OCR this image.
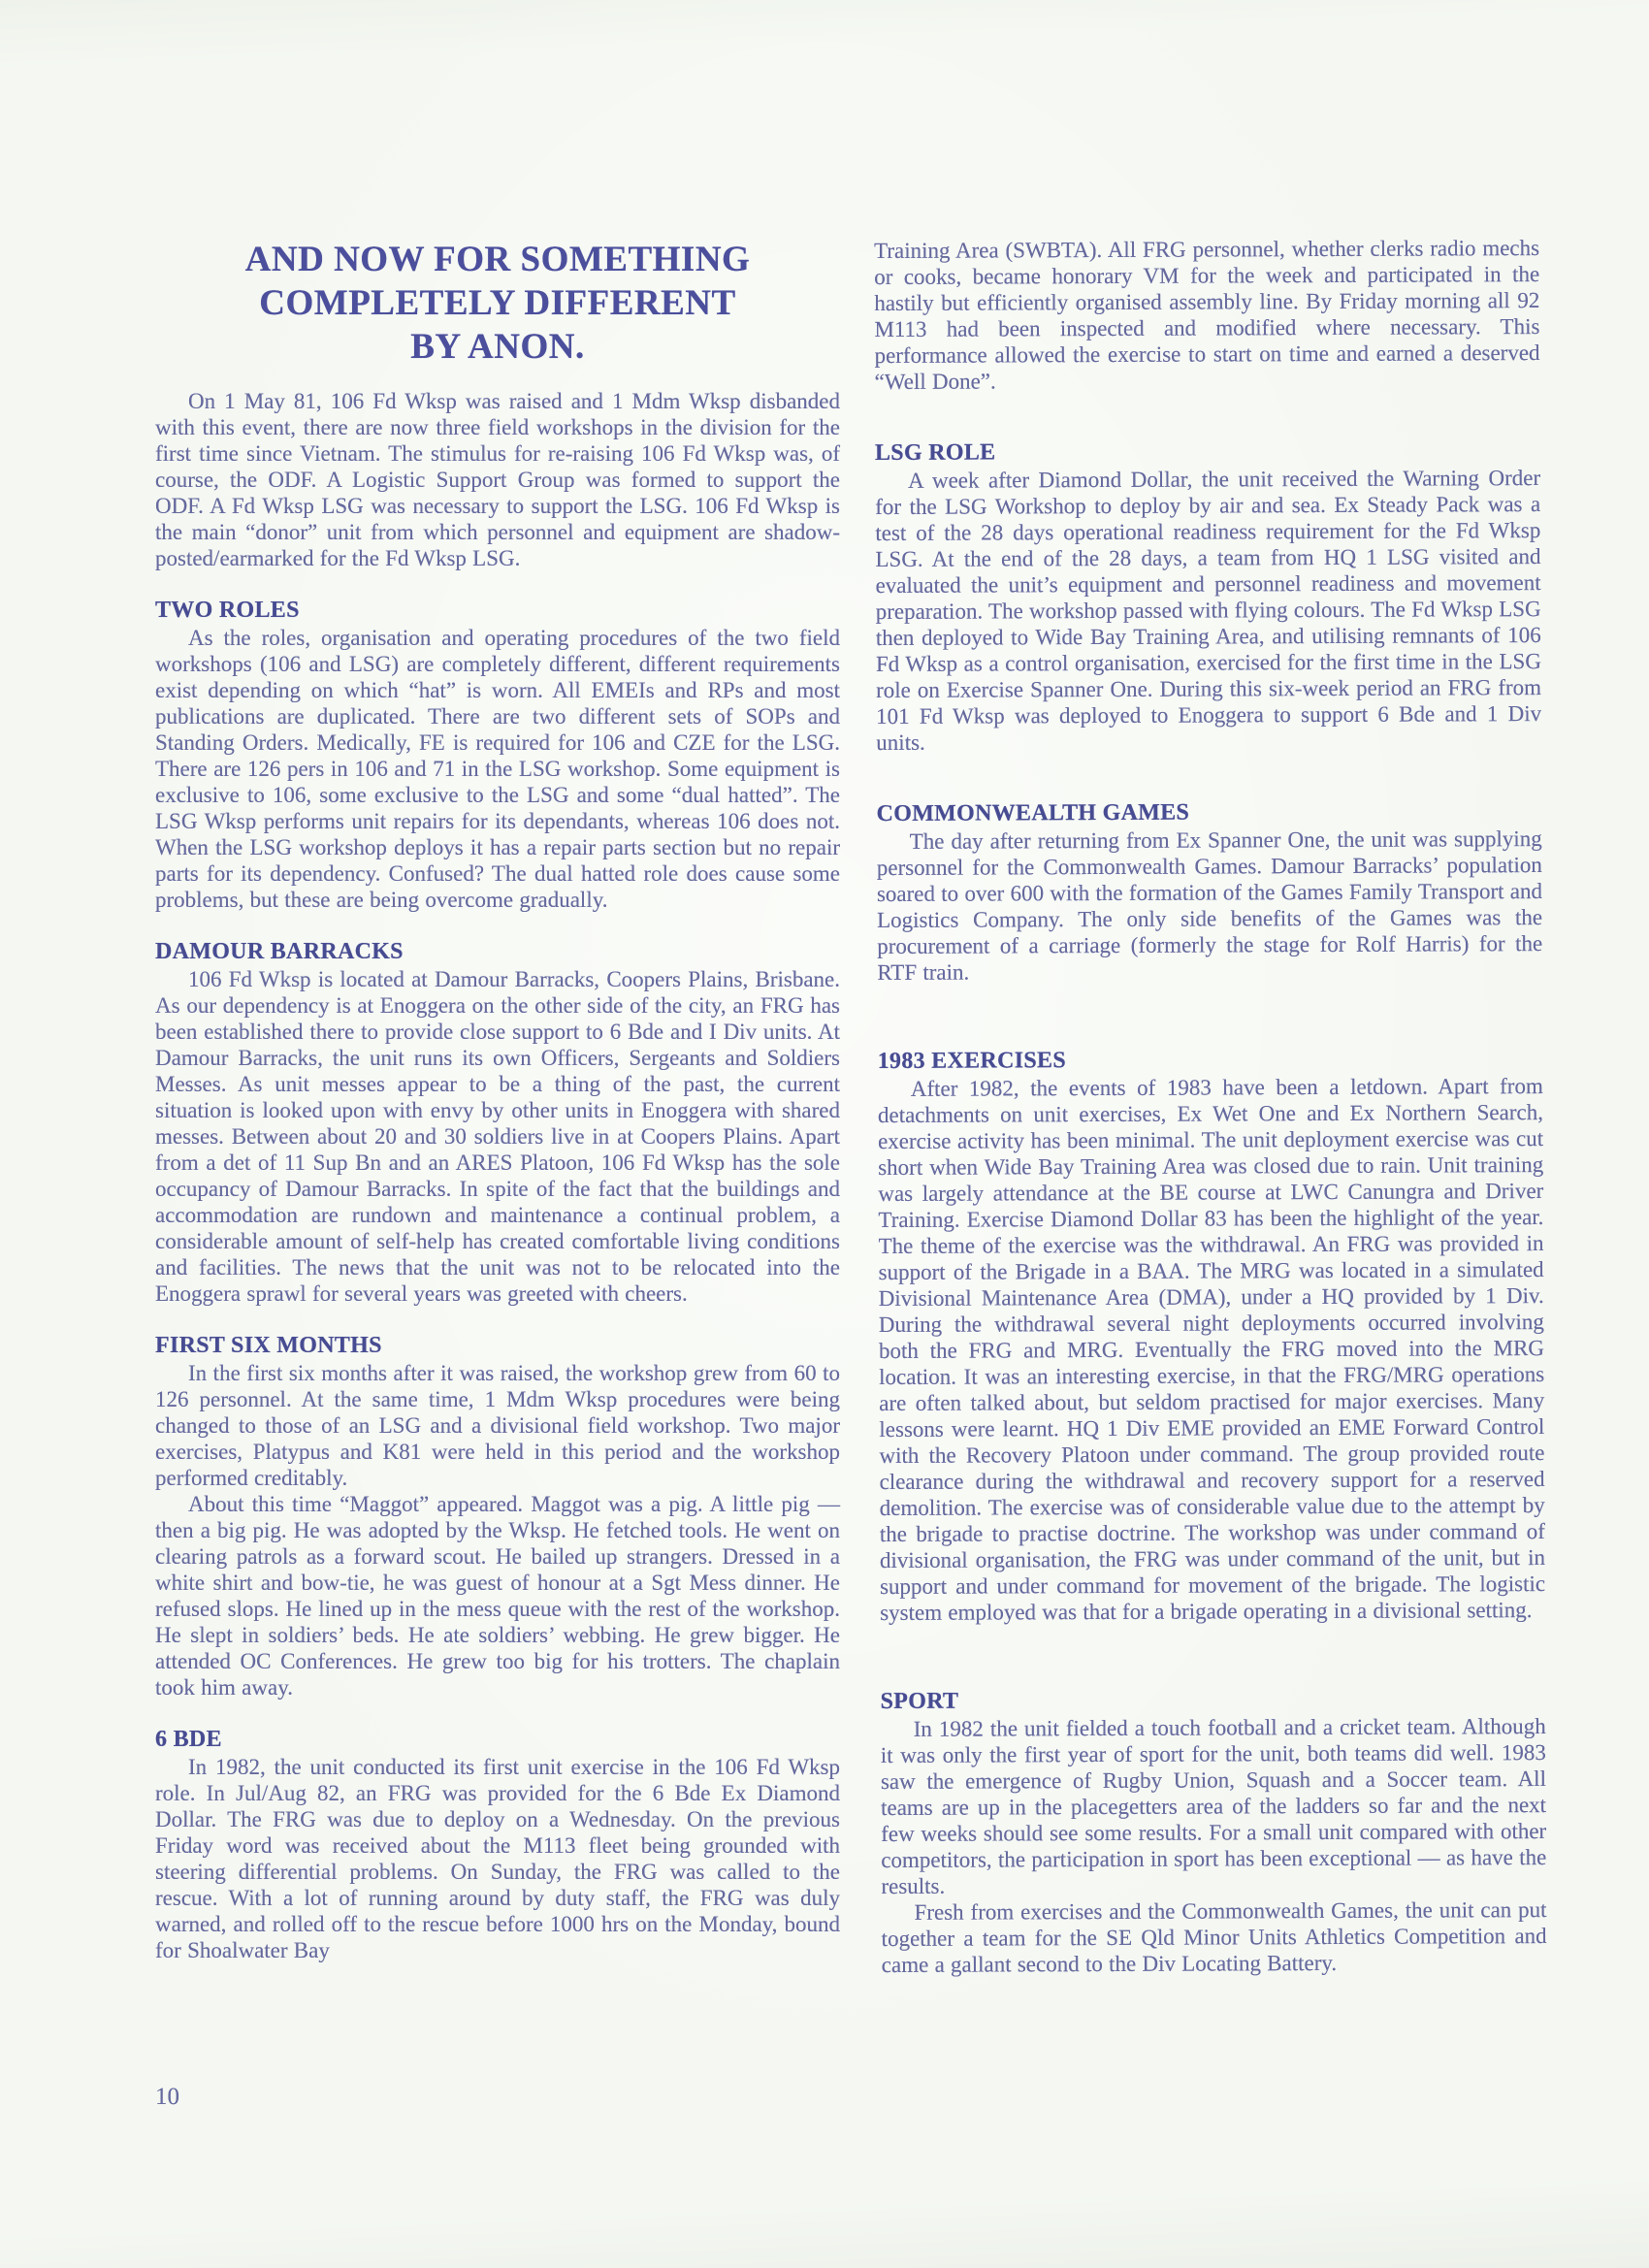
AND NOW FOR SOMETHING
COMPLETELY DIFFERENT
BY ANON.

On 1 May 81, 106 Fd Wksp was raised and 1 Mdm Wksp disbanded with this event, there are now three field workshops in the division for the first time since Vietnam. The stimulus for re-raising 106 Fd Wksp was, of course, the ODF. A Logistic Support Group was formed to support the ODF. A Fd Wksp LSG was necessary to support the LSG. 106 Fd Wksp is the main “donor” unit from which personnel and equipment are shadow-posted/earmarked for the Fd Wksp LSG.

TWO ROLES

As the roles, organisation and operating procedures of the two field workshops (106 and LSG) are completely different, different requirements exist depending on which “hat” is worn. All EMEIs and RPs and most publications are duplicated. There are two different sets of SOPs and Standing Orders. Medically, FE is required for 106 and CZE for the LSG. There are 126 pers in 106 and 71 in the LSG workshop. Some equipment is exclusive to 106, some exclusive to the LSG and some “dual hatted”. The LSG Wksp performs unit repairs for its dependants, whereas 106 does not. When the LSG workshop deploys it has a repair parts section but no repair parts for its dependency. Confused? The dual hatted role does cause some problems, but these are being overcome gradually.

DAMOUR BARRACKS

106 Fd Wksp is located at Damour Barracks, Coopers Plains, Brisbane. As our dependency is at Enoggera on the other side of the city, an FRG has been established there to provide close support to 6 Bde and I Div units. At Damour Barracks, the unit runs its own Officers, Sergeants and Soldiers Messes. As unit messes appear to be a thing of the past, the current situation is looked upon with envy by other units in Enoggera with shared messes. Between about 20 and 30 soldiers live in at Coopers Plains. Apart from a det of 11 Sup Bn and an ARES Platoon, 106 Fd Wksp has the sole occupancy of Damour Barracks. In spite of the fact that the buildings and accommodation are rundown and maintenance a continual problem, a considerable amount of self-help has created comfortable living conditions and facilities. The news that the unit was not to be relocated into the Enoggera sprawl for several years was greeted with cheers.

FIRST SIX MONTHS

In the first six months after it was raised, the workshop grew from 60 to 126 personnel. At the same time, 1 Mdm Wksp procedures were being changed to those of an LSG and a divisional field workshop. Two major exercises, Platypus and K81 were held in this period and the workshop performed creditably.

About this time “Maggot” appeared. Maggot was a pig. A little pig — then a big pig. He was adopted by the Wksp. He fetched tools. He went on clearing patrols as a forward scout. He bailed up strangers. Dressed in a white shirt and bow-tie, he was guest of honour at a Sgt Mess dinner. He refused slops. He lined up in the mess queue with the rest of the workshop. He slept in soldiers’ beds. He ate soldiers’ webbing. He grew bigger. He attended OC Conferences. He grew too big for his trotters. The chaplain took him away.

6 BDE

In 1982, the unit conducted its first unit exercise in the 106 Fd Wksp role. In Jul/Aug 82, an FRG was provided for the 6 Bde Ex Diamond Dollar. The FRG was due to deploy on a Wednesday. On the previous Friday word was received about the M113 fleet being grounded with steering differential problems. On Sunday, the FRG was called to the rescue. With a lot of running around by duty staff, the FRG was duly warned, and rolled off to the rescue before 1000 hrs on the Monday, bound for Shoalwater Bay

Training Area (SWBTA). All FRG personnel, whether clerks radio mechs or cooks, became honorary VM for the week and participated in the hastily but efficiently organised assembly line. By Friday morning all 92 M113 had been inspected and modified where necessary. This performance allowed the exercise to start on time and earned a deserved “Well Done”.

LSG ROLE

A week after Diamond Dollar, the unit received the Warning Order for the LSG Workshop to deploy by air and sea. Ex Steady Pack was a test of the 28 days operational readiness requirement for the Fd Wksp LSG. At the end of the 28 days, a team from HQ 1 LSG visited and evaluated the unit’s equipment and personnel readiness and movement preparation. The workshop passed with flying colours. The Fd Wksp LSG then deployed to Wide Bay Training Area, and utilising remnants of 106 Fd Wksp as a control organisation, exercised for the first time in the LSG role on Exercise Spanner One. During this six-week period an FRG from 101 Fd Wksp was deployed to Enoggera to support 6 Bde and 1 Div units.

COMMONWEALTH GAMES

The day after returning from Ex Spanner One, the unit was supplying personnel for the Commonwealth Games. Damour Barracks’ population soared to over 600 with the formation of the Games Family Transport and Logistics Company. The only side benefits of the Games was the procurement of a carriage (formerly the stage for Rolf Harris) for the RTF train.

1983 EXERCISES

After 1982, the events of 1983 have been a letdown. Apart from detachments on unit exercises, Ex Wet One and Ex Northern Search, exercise activity has been minimal. The unit deployment exercise was cut short when Wide Bay Training Area was closed due to rain. Unit training was largely attendance at the BE course at LWC Canungra and Driver Training. Exercise Diamond Dollar 83 has been the highlight of the year. The theme of the exercise was the withdrawal. An FRG was provided in support of the Brigade in a BAA. The MRG was located in a simulated Divisional Maintenance Area (DMA), under a HQ provided by 1 Div. During the withdrawal several night deployments occurred involving both the FRG and MRG. Eventually the FRG moved into the MRG location. It was an interesting exercise, in that the FRG/MRG operations are often talked about, but seldom practised for major exercises. Many lessons were learnt. HQ 1 Div EME provided an EME Forward Control with the Recovery Platoon under command. The group provided route clearance during the withdrawal and recovery support for a reserved demolition. The exercise was of considerable value due to the attempt by the brigade to practise doctrine. The workshop was under command of divisional organisation, the FRG was under command of the unit, but in support and under command for movement of the brigade. The logistic system employed was that for a brigade operating in a divisional setting.

SPORT

In 1982 the unit fielded a touch football and a cricket team. Although it was only the first year of sport for the unit, both teams did well. 1983 saw the emergence of Rugby Union, Squash and a Soccer team. All teams are up in the placegetters area of the ladders so far and the next few weeks should see some results. For a small unit compared with other competitors, the participation in sport has been exceptional — as have the results.

Fresh from exercises and the Commonwealth Games, the unit can put together a team for the SE Qld Minor Units Athletics Competition and came a gallant second to the Div Locating Battery.

10
